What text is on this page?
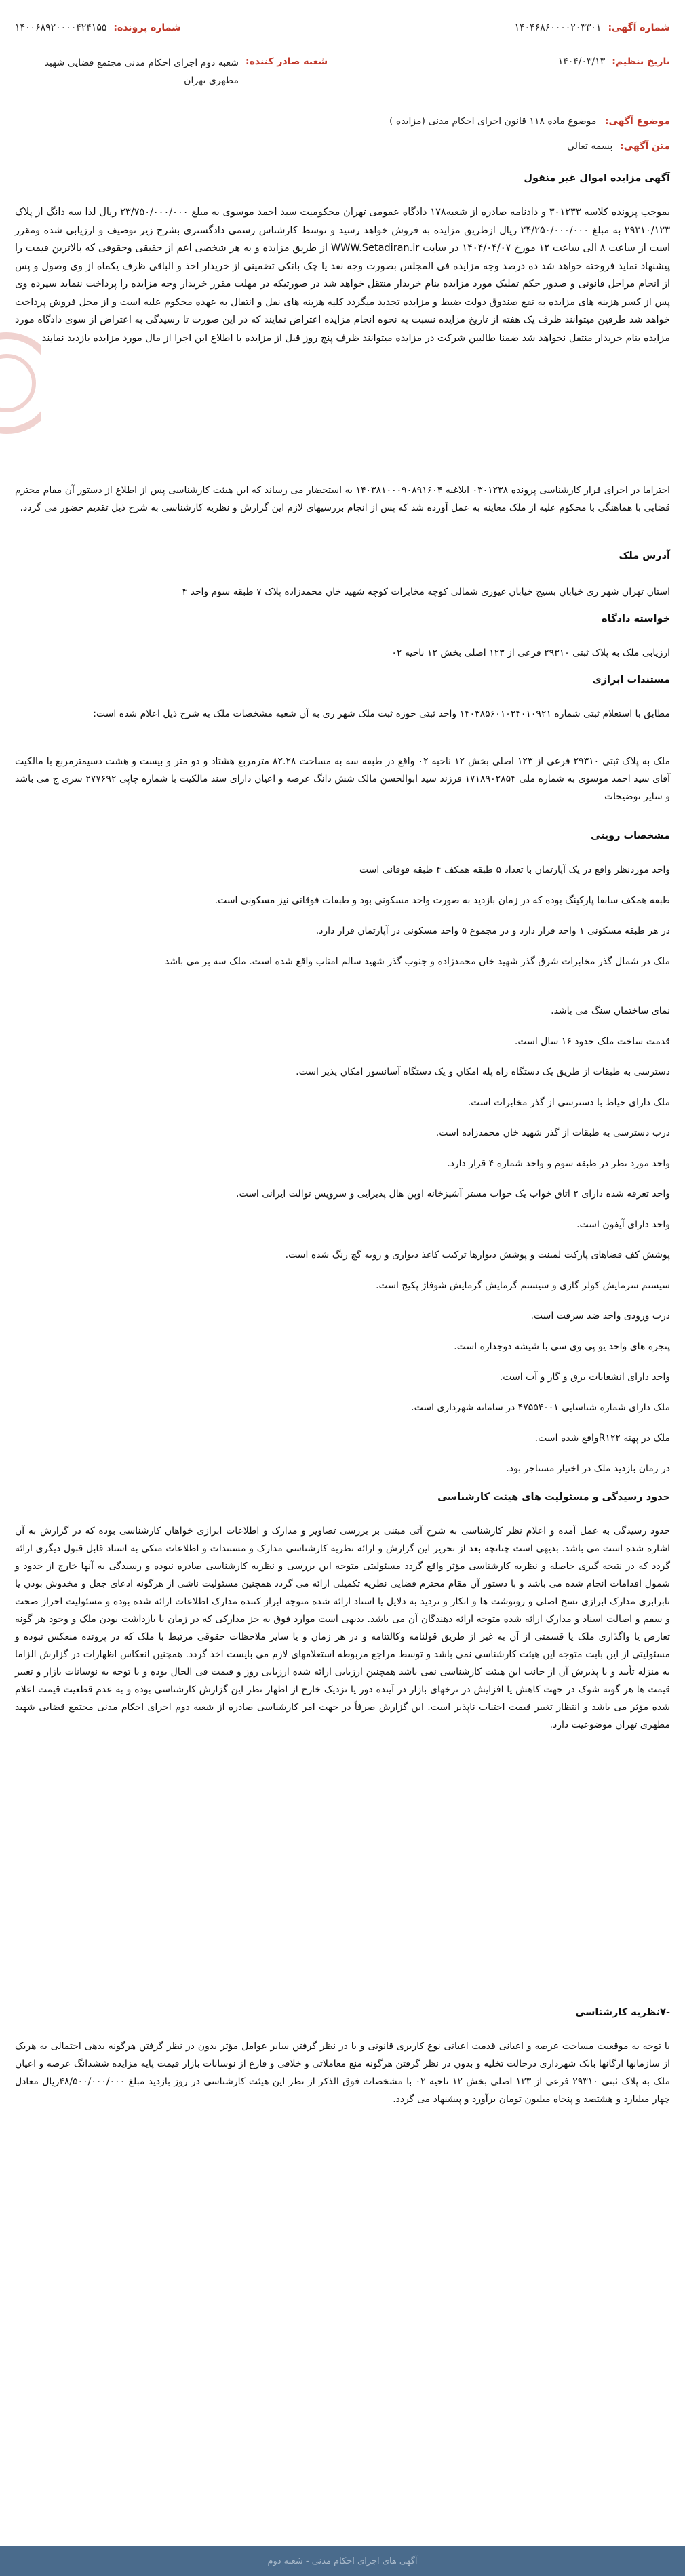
شماره آگهی:
۱۴۰۴۶۸۶۰۰۰۰۲۰۳۳۰۱
شماره پرونده:
۱۴۰۰۶۸۹۲۰۰۰۰۴۲۴۱۵۵
تاریخ تنظیم:
۱۴۰۴/۰۳/۱۳
شعبه صادر کننده:
شعبه دوم اجرای احکام مدنی مجتمع قضایی شهید مطهری تهران
موضوع آگهی: موضوع ماده ۱۱۸ قانون اجرای احکام مدنی (مزایده )
متن آگهی: بسمه تعالی
آگهی مزایده اموال غیر منقول
بموجب پرونده کلاسه ۳۰۱۲۳۳ و دادنامه صادره از شعبه۱۷۸ دادگاه عمومی تهران محکومیت سید احمد موسوی به مبلغ ۲۳/۷۵۰/۰۰۰/۰۰۰ ریال لذا سه دانگ از پلاک ۲۹۳۱۰/۱۲۳ به مبلغ ۲۴/۲۵۰/۰۰۰/۰۰۰ ریال ازطریق مزایده به فروش خواهد رسید و توسط کارشناس رسمی دادگستری بشرح زیر توصیف و ارزیابی شده ومقرر است از ساعت ۸ الی ساعت ۱۲ مورخ ۱۴۰۴/۰۴/۰۷ در سایت WWW.Setadiran.ir از طریق مزایده و به هر شخصی اعم از حقیقی وحقوقی که بالاترین قیمت را پیشنهاد نماید فروخته خواهد شد ده درصد وجه مزایده فی المجلس بصورت وجه نقد یا چک بانکی تضمینی از خریدار اخذ و الباقی ظرف یکماه از وی وصول و پس از انجام مراحل قانونی و صدور حکم تملیک مورد مزایده بنام خریدار منتقل خواهد شد در صورتیکه در مهلت مقرر خریدار وجه مزایده را پرداخت ننماید سپرده وی پس از کسر هزینه های مزایده به نفع صندوق دولت ضبط و مزایده تجدید میگردد کلیه هزینه های نقل و انتقال به عهده محکوم علیه است و از محل فروش پرداخت خواهد شد طرفین میتوانند ظرف یک هفته از تاریخ مزایده نسبت به نحوه انجام مزایده اعتراض نمایند که در این صورت تا رسیدگی به اعتراض از سوی دادگاه مورد مزایده بنام خریدار منتقل نخواهد شد ضمنا طالبین شرکت در مزایده میتوانند ظرف پنج روز قبل از مزایده با اطلاع این اجرا از مال مورد مزایده بازدید نمایند
احتراما در اجرای قرار کارشناسی پرونده ۰۳۰۱۲۳۸ ابلاغیه ۱۴۰۳۸۱۰۰۰۹۰۸۹۱۶۰۴ به استحضار می رساند که این هیئت کارشناسی پس از اطلاع از دستور آن مقام محترم قضایی با هماهنگی با محکوم علیه از ملک معاینه به عمل آورده شد که پس از انجام بررسیهای لازم این گزارش و نظریه کارشناسی به شرح ذیل تقدیم حضور می گردد.
آدرس ملک
استان تهران شهر ری خیابان بسیج خیابان غیوری شمالی کوچه مخابرات کوچه شهید خان محمدزاده پلاک ۷ طبقه سوم واحد ۴
خواسته دادگاه
ارزیابی ملک به پلاک ثبتی ۲۹۳۱۰ فرعی از ۱۲۳ اصلی بخش ۱۲ ناحیه ۰۲
مستندات ابرازی
مطابق با استعلام ثبتی شماره ۱۴۰۳۸۵۶۰۱۰۲۴۰۱۰۹۲۱ واحد ثبتی حوزه ثبت ملک شهر ری به آن شعبه مشخصات ملک به شرح ذیل اعلام شده است:
ملک به پلاک ثبتی ۲۹۳۱۰ فرعی از ۱۲۳ اصلی بخش ۱۲ ناحیه ۰۲ واقع در طبقه سه به مساحت ۸۲.۲۸ مترمربع هشتاد و دو متر و بیست و هشت دسیمترمربع با مالکیت آقای سید احمد موسوی به شماره ملی ۱۷۱۸۹۰۲۸۵۴ فرزند سید ابوالحسن مالک شش دانگ عرصه و اعیان دارای سند مالکیت با شماره چاپی ۲۷۷۶۹۲ سری ج می باشد و سایر توضیحات
مشخصات رویتی
واحد موردنظر واقع در یک آپارتمان با تعداد ۵ طبقه همکف ۴ طبقه فوقانی است
طبقه همکف سابقا پارکینگ بوده که در زمان بازدید به صورت واحد مسکونی بود و طبقات فوقانی نیز مسکونی است.
در هر طبقه مسکونی ۱ واحد قرار دارد و در مجموع ۵ واحد مسکونی در آپارتمان قرار دارد.
ملک در شمال گذر مخابرات شرق گذر شهید خان محمدزاده و جنوب گذر شهید سالم امناب واقع شده است. ملک سه بر می باشد
نمای ساختمان سنگ می باشد.
قدمت ساخت ملک حدود ۱۶ سال است.
دسترسی به طبقات از طریق یک دستگاه راه پله امکان و یک دستگاه آسانسور امکان پذیر است.
ملک دارای حیاط با دسترسی از گذر مخابرات است.
درب دسترسی به طبقات از گذر شهید خان محمدزاده است.
واحد مورد نظر در طبقه سوم و واحد شماره ۴ قرار دارد.
واحد تعرفه شده دارای ۲ اتاق خواب یک خواب مستر آشپزخانه اوپن هال پذیرایی و سرویس توالت ایرانی است.
واحد دارای آیفون است.
پوشش کف فضاهای پارکت لمینت و پوشش دیوارها ترکیب کاغذ دیواری و رویه گچ رنگ شده است.
سیستم سرمایش کولر گازی و سیستم گرمایش گرمایش شوفاژ پکیج است.
درب ورودی واحد ضد سرقت است.
پنجره های واحد یو پی وی سی با شیشه دوجداره است.
واحد دارای انشعابات برق و گاز و آب است.
ملک دارای شماره شناسایی ۴۷۵۵۴۰۰۱ در سامانه شهرداری است.
ملک در پهنه R۱۲۲واقع شده است.
در زمان بازدید ملک در اختیار مستاجر بود.
حدود رسیدگی و مسئولیت های هیئت کارشناسی
حدود رسیدگی به عمل آمده و اعلام نظر کارشناسی به شرح آتی مبتنی بر بررسی تصاویر و مدارک و اطلاعات ابرازی خواهان کارشناسی بوده که در گزارش به آن اشاره شده است می باشد. بدیهی است چنانچه بعد از تحریر این گزارش و ارائه نظریه کارشناسی مدارک و مستندات و اطلاعات متکی به اسناد قابل قبول دیگری ارائه گردد که در نتیجه گیری حاصله و نظریه کارشناسی مؤثر واقع گردد مسئولیتی متوجه این بررسی و نظریه کارشناسی صادره نبوده و رسیدگی به آنها خارج از حدود و شمول اقدامات انجام شده می باشد و با دستور آن مقام محترم قضایی نظریه تکمیلی ارائه می گردد همچنین مسئولیت ناشی از هرگونه ادعای جعل و مخدوش بودن یا نابرابری مدارک ابرازی نسخ اصلی و رونوشت ها و انکار و تردید به دلایل یا اسناد ارائه شده متوجه ابراز کننده مدارک اطلاعات ارائه شده بوده و مسئولیت احراز صحت و سقم و اصالت اسناد و مدارک ارائه شده متوجه ارائه دهندگان آن می باشد. بدیهی است موارد فوق به جز مدارکی که در زمان یا بازداشت بودن ملک و وجود هر گونه تعارض یا واگذاری ملک یا قسمتی از آن به غیر از طریق قولنامه وکالتنامه و در هر زمان و یا سایر ملاحظات حقوقی مرتبط با ملک که در پرونده منعکس نبوده و مسئولیتی از این بابت متوجه این هیئت کارشناسی نمی باشد و توسط مراجع مربوطه استعلامهای لازم می بایست اخذ گردد. همچنین انعکاس اظهارات در گزارش الزاما به منزله تأیید و یا پذیرش آن از جانب این هیئت کارشناسی نمی باشد همچنین ارزیابی ارائه شده ارزیابی روز و قیمت فی الحال بوده و با توجه به نوسانات بازار و تغییر قیمت ها هر گونه شوک در جهت کاهش یا افزایش در نرخهای بازار در آینده دور یا نزدیک خارج از اظهار نظر این گزارش کارشناسی بوده و به عدم قطعیت قیمت اعلام شده مؤثر می باشد و انتظار تغییر قیمت اجتناب ناپذیر است. این گزارش صرفاً در جهت امر کارشناسی صادره از شعبه دوم اجرای احکام مدنی مجتمع قضایی شهید مطهری تهران موضوعیت دارد.
-۷نظریه کارشناسی
با توجه به موقعیت مساحت عرصه و اعیانی قدمت اعیانی نوع کاربری قانونی و با در نظر گرفتن سایر عوامل مؤثر بدون در نظر گرفتن هرگونه بدهی احتمالی به هریک از سازمانها ارگانها بانک شهرداری درحالت تخلیه و بدون در نظر گرفتن هرگونه منع معاملاتی و خلافی و فارغ از نوسانات بازار قیمت پایه مزایده ششدانگ عرصه و اعیان ملک به پلاک ثبتی ۲۹۳۱۰ فرعی از ۱۲۳ اصلی بخش ۱۲ ناحیه ۰۲ با مشخصات فوق الذکر از نظر این هیئت کارشناسی در روز بازدید مبلغ ۴۸/۵۰۰/۰۰۰/۰۰۰ریال معادل چهار میلیارد و هشتصد و پنجاه میلیون تومان برآورد و پیشنهاد می گردد.
آگهی های اجرای احکام مدنی - شعبه دوم
